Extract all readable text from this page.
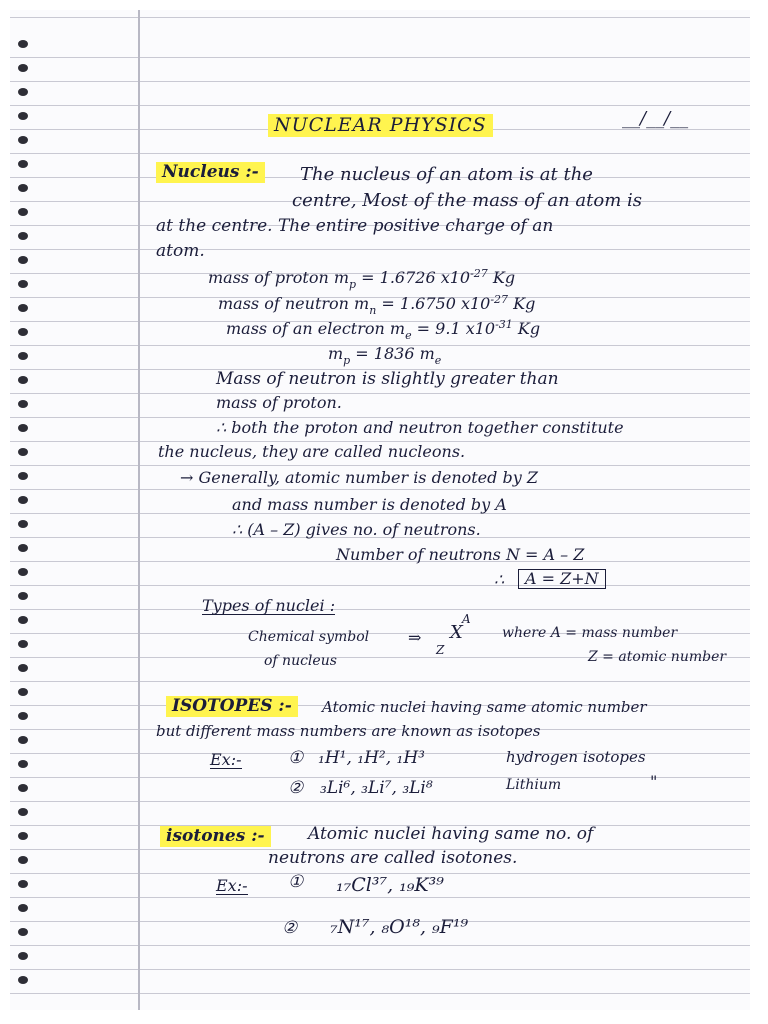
NUCLEAR PHYSICS	__/__/__
Nucleus :-	The nucleus of an atom is at the
centre, Most of the mass of an atom is
at the centre. The entire positive charge of an
atom.
mass of proton $m_p = 1.6726$ $x10^{-27}$ Kg
mass of neutron $m_n = 1.6750$ $x10^{-27}$ Kg
mass of an electron $m_e = 9.1$ $x10^{-31}$ Kg
$m_p = 1836$ $m_e$
Mass of neutron is slightly greater than
mass of proton.
∴ both the proton and neutron together constitute
the nucleus, they are called nucleons.
→ Generally, atomic number is denoted by Z
and mass number is denoted by A
∴ (A – Z) gives no. of neutrons.
Number of neutrons N = A – Z
∴	A = Z+N
Types of nuclei :
Chemical symbol
of nucleus
⇒ X
A
Z
where A = mass number
Z = atomic number
ISOTOPES :-	Atomic nuclei having same atomic number
but different mass numbers are known as isotopes
Ex:-	① ₁H¹, ₁H², ₁H³	hydrogen isotopes
② ₃Li⁶, ₃Li⁷, ₃Li⁸	Lithium	"
isotones :-	Atomic nuclei having same no. of
neutrons are called isotones.
Ex:- ① ₁₇Cl³⁷, ₁₉K³⁹
② ₇N¹⁷, ₈O¹⁸, ₉F¹⁹
